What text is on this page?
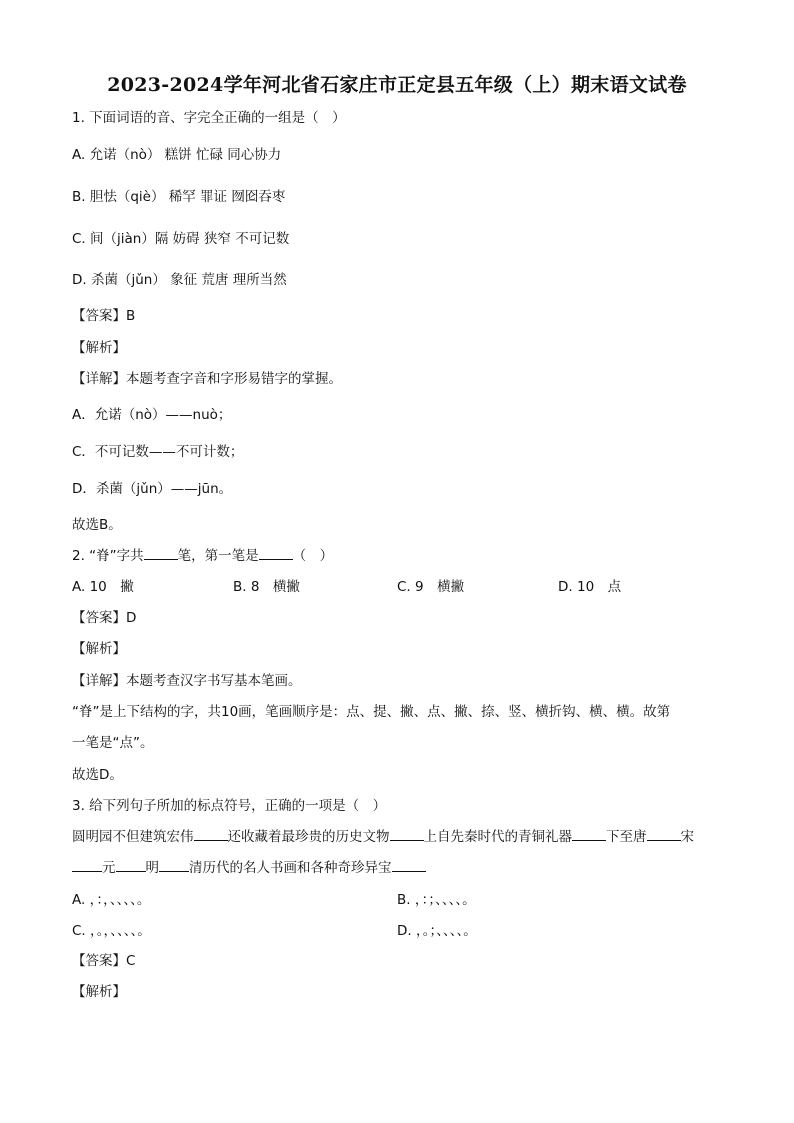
2023-2024学年河北省石家庄市正定县五年级（上）期末语文试卷
1. 下面词语的音、字完全正确的一组是（　）
A. 允诺（nò） 糕饼 忙碌 同心协力
B. 胆怯（qiè） 稀罕 罪证 囫囵吞枣
C. 间（jiàn）隔 妨碍 狭窄 不可记数
D. 杀菌（jǔn） 象征 荒唐 理所当然
【答案】B
【解析】
【详解】本题考查字音和字形易错字的掌握。
A．允诺（nò）——nuò；
C．不可记数——不可计数；
D．杀菌（jǔn）——jūn。
故选B。
2. “脊”字共	笔，第一笔是	（　）
A. 10　撇	B. 8　横撇	C. 9　横撇	D. 10　点
【答案】D
【解析】
【详解】本题考查汉字书写基本笔画。
“脊”是上下结构的字，共10画，笔画顺序是：点、提、撇、点、撇、捺、竖、横折钩、横、横。故第
一笔是“点”。
故选D。
3. 给下列句子所加的标点符号，正确的一项是（　）
圆明园不但建筑宏伟	还收藏着最珍贵的历史文物	上自先秦时代的青铜礼器	下至唐	宋
元 明 清历代的名人书画和各种奇珍异宝
A. ，：，、、、、。	B. ，：；、、、、。
C. ，。，、、、、。	D. ，。；、、、、。
【答案】C
【解析】
